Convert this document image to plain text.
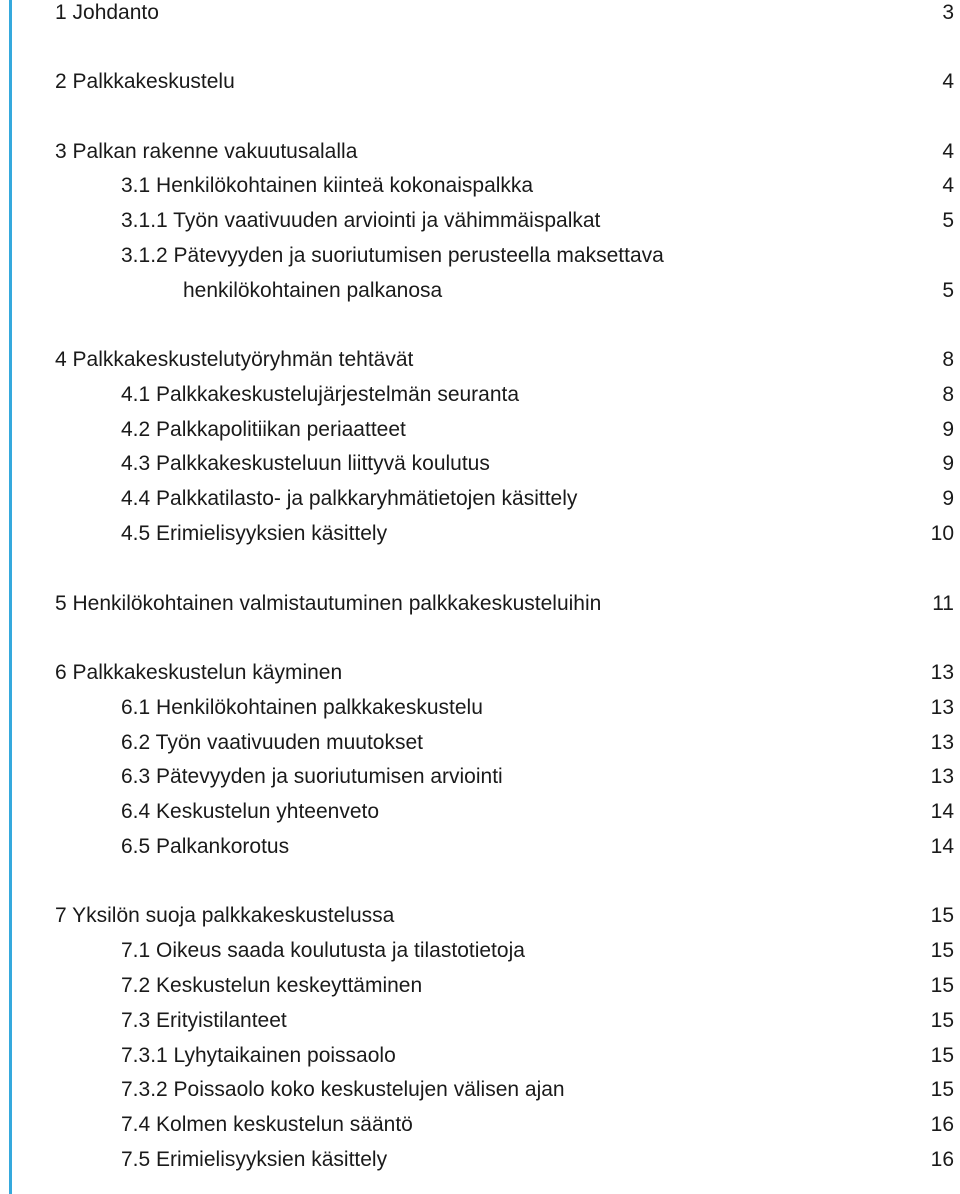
1 Johdanto	3
2 Palkkakeskustelu	4
3 Palkan rakenne vakuutusalalla	4
3.1 Henkilökohtainen kiinteä kokonaispalkka	4
3.1.1 Työn vaativuuden arviointi ja vähimmäispalkat	5
3.1.2 Pätevyyden ja suoriutumisen perusteella maksettava
henkilökohtainen palkanosa	5
4 Palkkakeskustelutyöryhmän tehtävät	8
4.1 Palkkakeskustelujärjestelmän seuranta	8
4.2 Palkkapolitiikan periaatteet	9
4.3 Palkkakeskusteluun liittyvä koulutus	9
4.4 Palkkatilasto- ja palkkaryhmätietojen käsittely	9
4.5 Erimielisyyksien käsittely	10
5 Henkilökohtainen valmistautuminen palkkakeskusteluihin	11
6 Palkkakeskustelun käyminen	13
6.1 Henkilökohtainen palkkakeskustelu	13
6.2 Työn vaativuuden muutokset	13
6.3 Pätevyyden ja suoriutumisen arviointi	13
6.4 Keskustelun yhteenveto	14
6.5 Palkankorotus	14
7 Yksilön suoja palkkakeskustelussa	15
7.1 Oikeus saada koulutusta ja tilastotietoja	15
7.2 Keskustelun keskeyttäminen	15
7.3 Erityistilanteet	15
7.3.1 Lyhytaikainen poissaolo	15
7.3.2 Poissaolo koko keskustelujen välisen ajan	15
7.4 Kolmen keskustelun sääntö	16
7.5 Erimielisyyksien käsittely	16
